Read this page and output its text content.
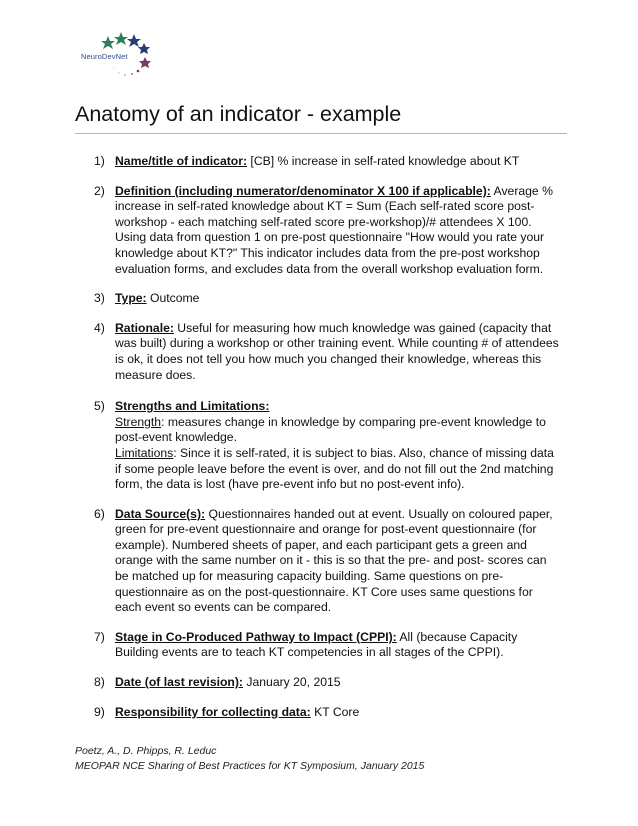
NeuroDevNet
Anatomy of an indicator - example
1) Name/title of indicator: [CB] % increase in self-rated knowledge about KT
2) Definition (including numerator/denominator X 100 if applicable): Average % increase in self-rated knowledge about KT = Sum (Each self-rated score post-workshop - each matching self-rated score pre-workshop)/# attendees X 100. Using data from question 1 on pre-post questionnaire "How would you rate your knowledge about KT?" This indicator includes data from the pre-post workshop evaluation forms, and excludes data from the overall workshop evaluation form.
3) Type: Outcome
4) Rationale: Useful for measuring how much knowledge was gained (capacity that was built) during a workshop or other training event. While counting # of attendees is ok, it does not tell you how much you changed their knowledge, whereas this measure does.
5) Strengths and Limitations:
Strength: measures change in knowledge by comparing pre-event knowledge to post-event knowledge.
Limitations: Since it is self-rated, it is subject to bias. Also, chance of missing data if some people leave before the event is over, and do not fill out the 2nd matching form, the data is lost (have pre-event info but no post-event info).
6) Data Source(s): Questionnaires handed out at event. Usually on coloured paper, green for pre-event questionnaire and orange for post-event questionnaire (for example). Numbered sheets of paper, and each participant gets a green and orange with the same number on it - this is so that the pre- and post- scores can be matched up for measuring capacity building. Same questions on pre-questionnaire as on the post-questionnaire. KT Core uses same questions for each event so events can be compared.
7) Stage in Co-Produced Pathway to Impact (CPPI): All (because Capacity Building events are to teach KT competencies in all stages of the CPPI).
8) Date (of last revision): January 20, 2015
9) Responsibility for collecting data: KT Core
Poetz, A., D. Phipps, R. Leduc
MEOPAR NCE Sharing of Best Practices for KT Symposium, January 2015
